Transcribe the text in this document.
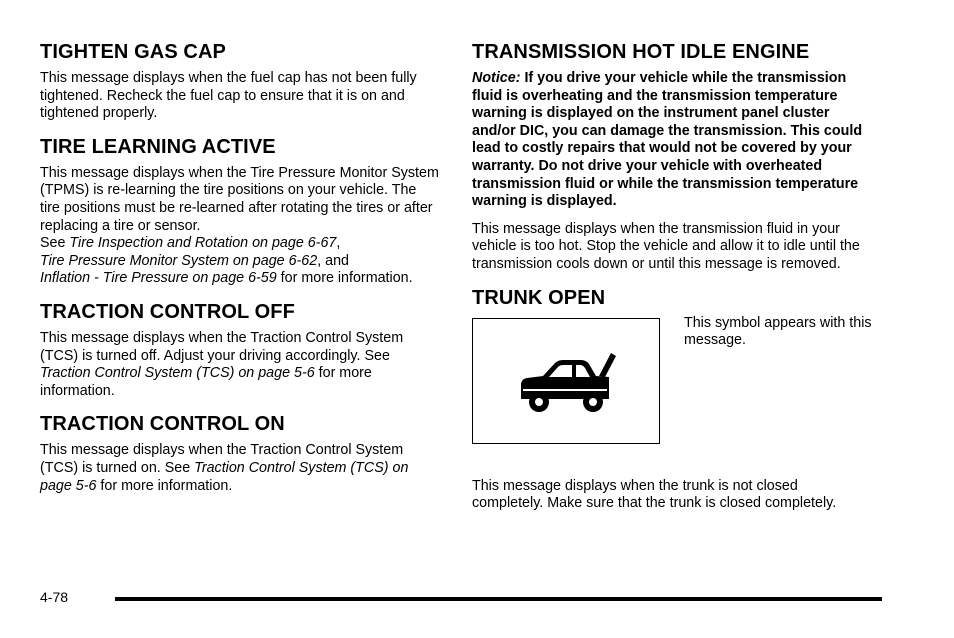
TIGHTEN GAS CAP

This message displays when the fuel cap has not been fully tightened. Recheck the fuel cap to ensure that it is on and tightened properly.

TIRE LEARNING ACTIVE

This message displays when the Tire Pressure Monitor System (TPMS) is re-learning the tire positions on your vehicle. The tire positions must be re-learned after rotating the tires or after replacing a tire or sensor.
See Tire Inspection and Rotation on page 6-67,
Tire Pressure Monitor System on page 6-62, and
Inflation - Tire Pressure on page 6-59 for more information.

TRACTION CONTROL OFF

This message displays when the Traction Control System (TCS) is turned off. Adjust your driving accordingly. See Traction Control System (TCS) on page 5-6 for more information.

TRACTION CONTROL ON

This message displays when the Traction Control System (TCS) is turned on. See Traction Control System (TCS) on page 5-6 for more information.

TRANSMISSION HOT IDLE ENGINE

Notice: If you drive your vehicle while the transmission fluid is overheating and the transmission temperature warning is displayed on the instrument panel cluster and/or DIC, you can damage the transmission. This could lead to costly repairs that would not be covered by your warranty. Do not drive your vehicle with overheated transmission fluid or while the transmission temperature warning is displayed.

This message displays when the transmission fluid in your vehicle is too hot. Stop the vehicle and allow it to idle until the transmission cools down or until this message is removed.

TRUNK OPEN
This symbol appears with this message.

This message displays when the trunk is not closed completely. Make sure that the trunk is closed completely.

4-78
